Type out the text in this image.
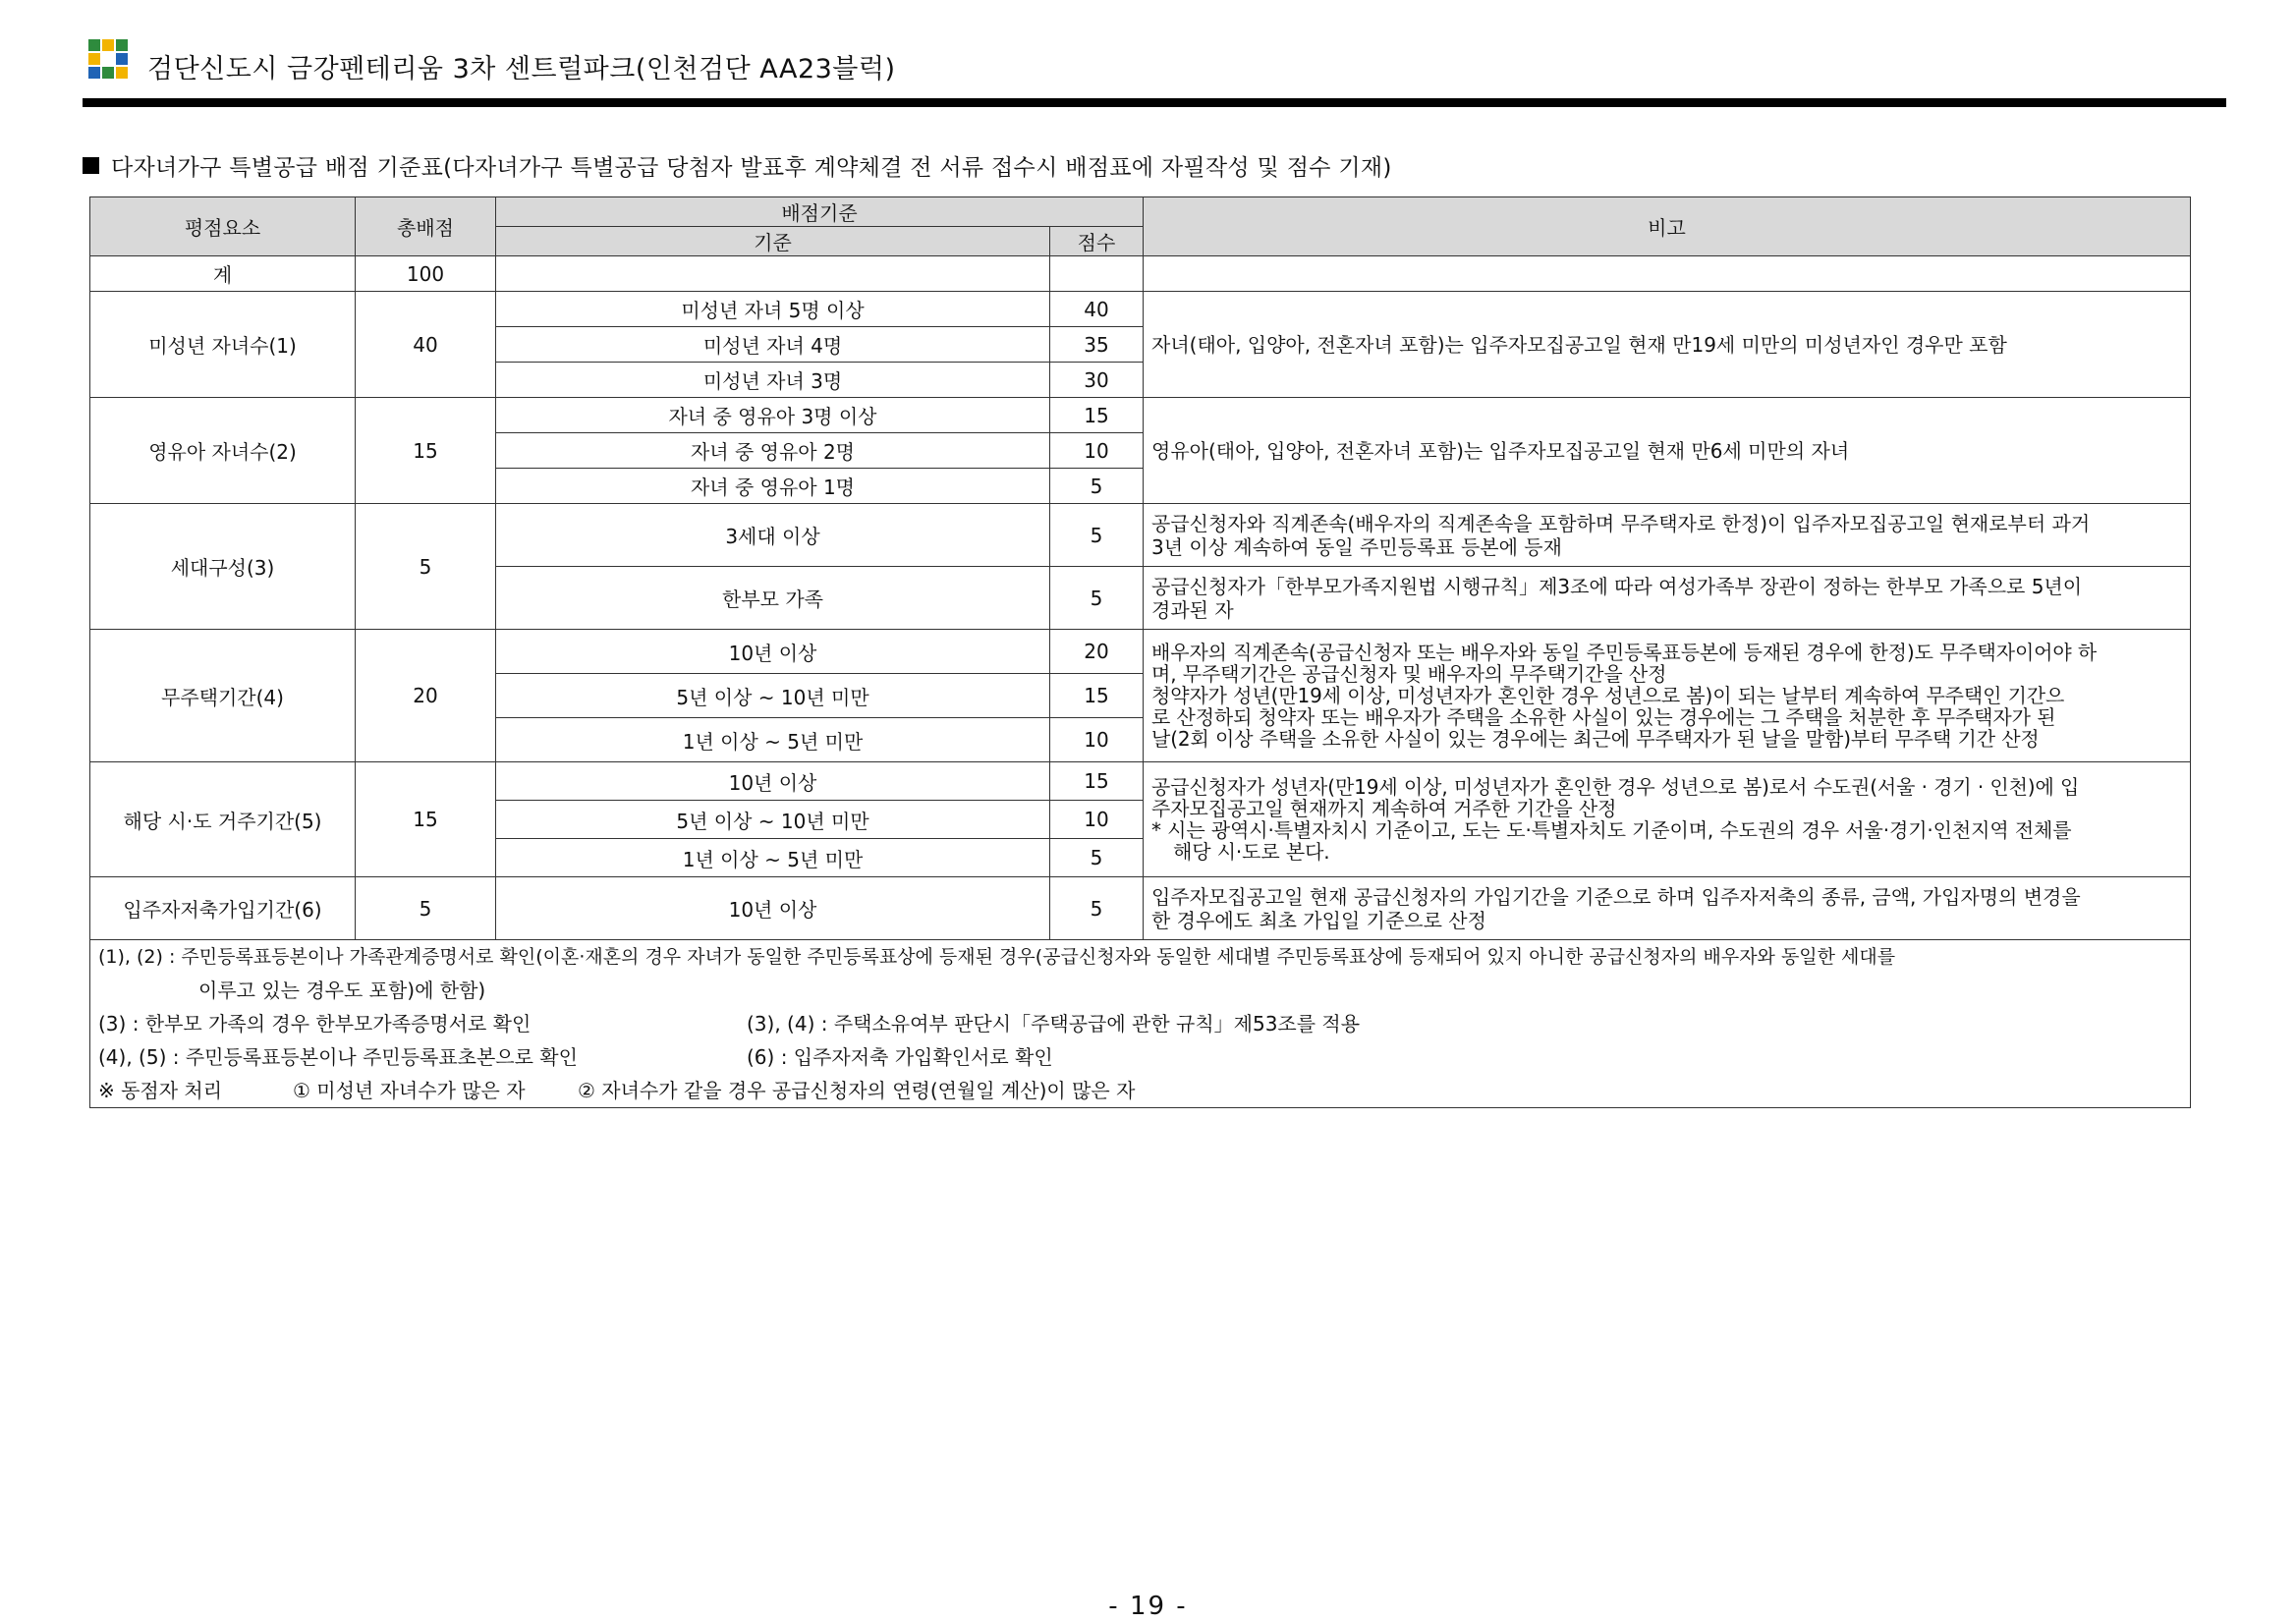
검단신도시 금강펜테리움 3차 센트럴파크(인천검단 AA23블럭)
다자녀가구 특별공급 배점 기준표(다자녀가구 특별공급 당첨자 발표후 계약체결 전 서류 접수시 배점표에 자필작성 및 점수 기재)
평점요소	총배점	배점기준		비고
		기준	점수	
계	100			
미성년 자녀수(1)	40	미성년 자녀 5명 이상	40	자녀(태아, 입양아, 전혼자녀 포함)는 입주자모집공고일 현재 만19세 미만의 미성년자인 경우만 포함

		미성년 자녀 4명	35	
		미성년 자녀 3명	30	
영유아 자녀수(2)	15	자녀 중 영유아 3명 이상	15	영유아(태아, 입양아, 전혼자녀 포함)는 입주자모집공고일 현재 만6세 미만의 자녀

		자녀 중 영유아 2명	10	
		자녀 중 영유아 1명	5	
세대구성(3)	5	3세대 이상	5	공급신청자와 직계존속(배우자의 직계존속을 포함하며 무주택자로 한정)이 입주자모집공고일 현재로부터 과거
3년 이상 계속하여 동일 주민등록표 등본에 등재

		한부모 가족	5	공급신청자가「한부모가족지원법 시행규칙」제3조에 따라 여성가족부 장관이 정하는 한부모 가족으로 5년이
경과된 자

무주택기간(4)	20	10년 이상	20	배우자의 직계존속(공급신청자 또는 배우자와 동일 주민등록표등본에 등재된 경우에 한정)도 무주택자이어야 하
며, 무주택기간은 공급신청자 및 배우자의 무주택기간을 산정
청약자가 성년(만19세 이상, 미성년자가 혼인한 경우 성년으로 봄)이 되는 날부터 계속하여 무주택인 기간으
로 산정하되 청약자 또는 배우자가 주택을 소유한 사실이 있는 경우에는 그 주택을 처분한 후 무주택자가 된
날(2회 이상 주택을 소유한 사실이 있는 경우에는 최근에 무주택자가 된 날을 말함)부터 무주택 기간 산정

		5년 이상 ~ 10년 미만	15	
		1년 이상 ~ 5년 미만	10	
해당 시·도 거주기간(5)	15	10년 이상	15	공급신청자가 성년자(만19세 이상, 미성년자가 혼인한 경우 성년으로 봄)로서 수도권(서울 · 경기 · 인천)에 입
주자모집공고일 현재까지 계속하여 거주한 기간을 산정
* 시는 광역시·특별자치시 기준이고, 도는 도·특별자치도 기준이며, 수도권의 경우 서울·경기·인천지역 전체를
해당 시·도로 본다.

		5년 이상 ~ 10년 미만	10	
		1년 이상 ~ 5년 미만	5	
입주자저축가입기간(6)	5	10년 이상	5	입주자모집공고일 현재 공급신청자의 가입기간을 기준으로 하며 입주자저축의 종류, 금액, 가입자명의 변경을
한 경우에도 최초 가입일 기준으로 산정

(1), (2) : 주민등록표등본이나 가족관계증명서로 확인(이혼·재혼의 경우 자녀가 동일한 주민등록표상에 등재된 경우(공급신청자와 동일한 세대별 주민등록표상에 등재되어 있지 아니한 공급신청자의 배우자와 동일한 세대를
이루고 있는 경우도 포함)에 한함)
(3) : 한부모 가족의 경우 한부모가족증명서로 확인 (3), (4) : 주택소유여부 판단시「주택공급에 관한 규칙」제53조를 적용
(4), (5) : 주민등록표등본이나 주민등록표초본으로 확인 (6) : 입주자저축 가입확인서로 확인
※ 동점자 처리 ① 미성년 자녀수가 많은 자 ② 자녀수가 같을 경우 공급신청자의 연령(연월일 계산)이 많은 자				
- 19 -
